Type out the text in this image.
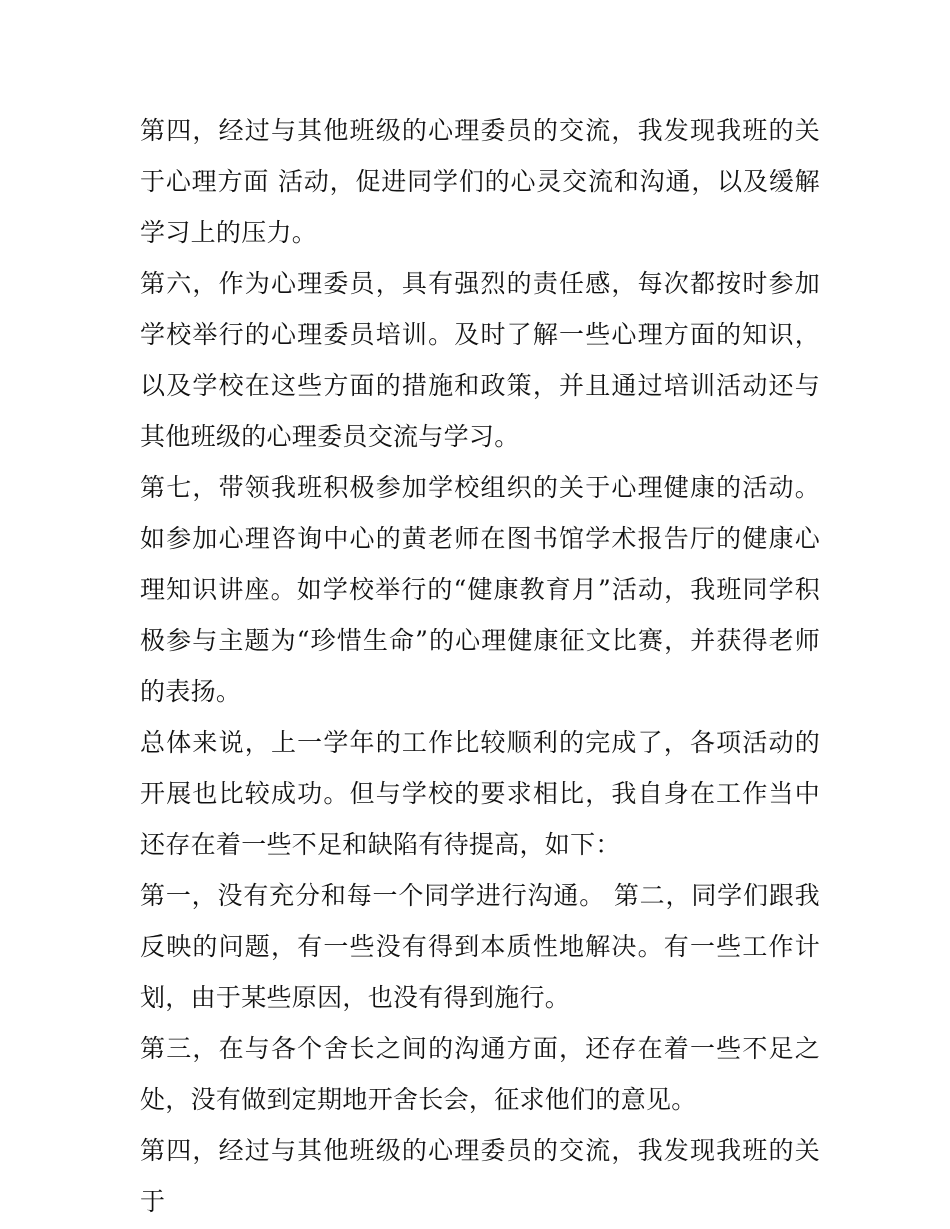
第四，经过与其他班级的心理委员的交流，我发现我班的关于心理方面 活动，促进同学们的心灵交流和沟通，以及缓解学习上的压力。

第六，作为心理委员，具有强烈的责任感，每次都按时参加学校举行的心理委员培训。及时了解一些心理方面的知识，以及学校在这些方面的措施和政策，并且通过培训活动还与其他班级的心理委员交流与学习。

第七，带领我班积极参加学校组织的关于心理健康的活动。如参加心理咨询中心的黄老师在图书馆学术报告厅的健康心理知识讲座。如学校举行的“健康教育月”活动，我班同学积极参与主题为“珍惜生命”的心理健康征文比赛，并获得老师的表扬。

总体来说，上一学年的工作比较顺利的完成了，各项活动的开展也比较成功。但与学校的要求相比，我自身在工作当中还存在着一些不足和缺陷有待提高，如下：

第一，没有充分和每一个同学进行沟通。 第二，同学们跟我反映的问题，有一些没有得到本质性地解决。有一些工作计划，由于某些原因，也没有得到施行。

第三，在与各个舍长之间的沟通方面，还存在着一些不足之处，没有做到定期地开舍长会，征求他们的意见。

第四，经过与其他班级的心理委员的交流，我发现我班的关于
